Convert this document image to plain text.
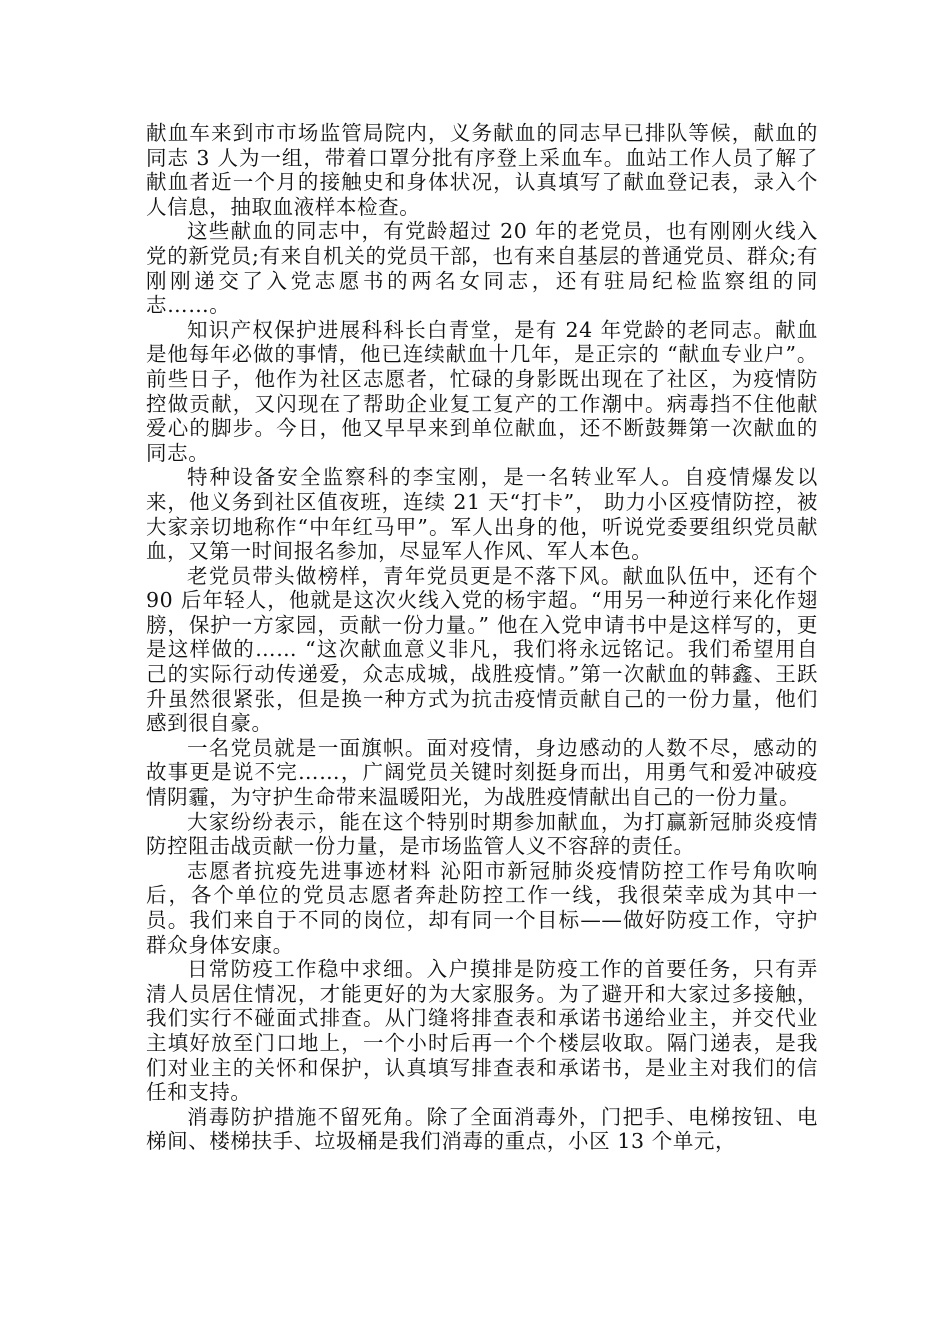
献血车来到市市场监管局院内，义务献血的同志早已排队等候，献血的同志 3 人为一组，带着口罩分批有序登上采血车。血站工作人员了解了献血者近一个月的接触史和身体状况，认真填写了献血登记表，录入个人信息，抽取血液样本检查。

这些献血的同志中，有党龄超过 20 年的老党员，也有刚刚火线入党的新党员;有来自机关的党员干部，也有来自基层的普通党员、群众;有刚刚递交了入党志愿书的两名女同志，还有驻局纪检监察组的同志……。

知识产权保护进展科科长白青堂，是有 24 年党龄的老同志。献血是他每年必做的事情，他已连续献血十几年，是正宗的 “献血专业户”。前些日子，他作为社区志愿者，忙碌的身影既出现在了社区，为疫情防控做贡献，又闪现在了帮助企业复工复产的工作潮中。病毒挡不住他献爱心的脚步。今日，他又早早来到单位献血，还不断鼓舞第一次献血的同志。

特种设备安全监察科的李宝刚，是一名转业军人。自疫情爆发以来，他义务到社区值夜班，连续 21 天“打卡”， 助力小区疫情防控，被大家亲切地称作“中年红马甲”。军人出身的他，听说党委要组织党员献血，又第一时间报名参加，尽显军人作风、军人本色。

老党员带头做榜样，青年党员更是不落下风。献血队伍中，还有个 90 后年轻人，他就是这次火线入党的杨宇超。“用另一种逆行来化作翅膀，保护一方家园，贡献一份力量。” 他在入党申请书中是这样写的，更是这样做的…… “这次献血意义非凡，我们将永远铭记。我们希望用自己的实际行动传递爱，众志成城，战胜疫情。”第一次献血的韩鑫、王跃升虽然很紧张，但是换一种方式为抗击疫情贡献自己的一份力量，他们感到很自豪。

一名党员就是一面旗帜。面对疫情，身边感动的人数不尽，感动的故事更是说不完……，广阔党员关键时刻挺身而出，用勇气和爱冲破疫情阴霾，为守护生命带来温暖阳光，为战胜疫情献出自己的一份力量。

大家纷纷表示，能在这个特别时期参加献血，为打赢新冠肺炎疫情防控阻击战贡献一份力量，是市场监管人义不容辞的责任。

志愿者抗疫先进事迹材料 沁阳市新冠肺炎疫情防控工作号角吹响后，各个单位的党员志愿者奔赴防控工作一线，我很荣幸成为其中一员。我们来自于不同的岗位，却有同一个目标——做好防疫工作，守护群众身体安康。

日常防疫工作稳中求细。入户摸排是防疫工作的首要任务，只有弄清人员居住情况，才能更好的为大家服务。为了避开和大家过多接触，我们实行不碰面式排查。从门缝将排查表和承诺书递给业主，并交代业主填好放至门口地上，一个小时后再一个个楼层收取。隔门递表，是我们对业主的关怀和保护，认真填写排查表和承诺书，是业主对我们的信任和支持。

消毒防护措施不留死角。除了全面消毒外，门把手、电梯按钮、电梯间、楼梯扶手、垃圾桶是我们消毒的重点，小区 13 个单元，
